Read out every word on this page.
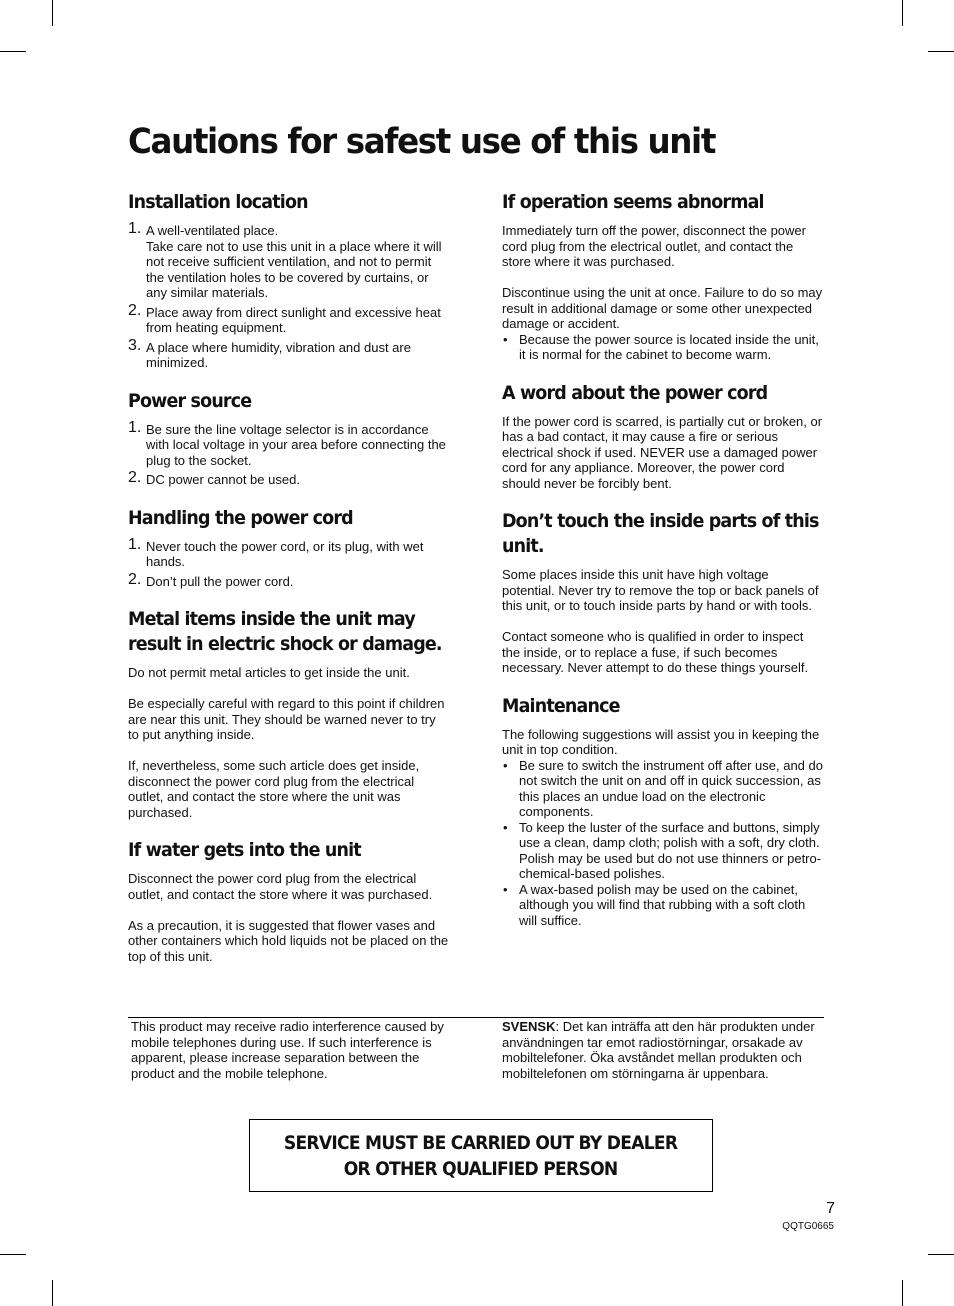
Cautions for safest use of this unit
Installation location
1. A well-ventilated place.
Take care not to use this unit in a place where it will not receive sufficient ventilation, and not to permit the ventilation holes to be covered by curtains, or any similar materials.
2. Place away from direct sunlight and excessive heat from heating equipment.
3. A place where humidity, vibration and dust are minimized.
Power source
1. Be sure the line voltage selector is in accordance with local voltage in your area before connecting the plug to the socket.
2. DC power cannot be used.
Handling the power cord
1. Never touch the power cord, or its plug, with wet hands.
2. Don’t pull the power cord.
Metal items inside the unit may result in electric shock or damage.

Do not permit metal articles to get inside the unit.

Be especially careful with regard to this point if children are near this unit. They should be warned never to try to put anything inside.

If, nevertheless, some such article does get inside, disconnect the power cord plug from the electrical outlet, and contact the store where the unit was purchased.

If water gets into the unit

Disconnect the power cord plug from the electrical outlet, and contact the store where it was purchased.

As a precaution, it is suggested that flower vases and other containers which hold liquids not be placed on the top of this unit.

If operation seems abnormal

Immediately turn off the power, disconnect the power cord plug from the electrical outlet, and contact the store where it was purchased.

Discontinue using the unit at once. Failure to do so may result in additional damage or some other unexpected damage or accident.

• Because the power source is located inside the unit, it is normal for the cabinet to become warm.
A word about the power cord

If the power cord is scarred, is partially cut or broken, or has a bad contact, it may cause a fire or serious electrical shock if used. NEVER use a damaged power cord for any appliance. Moreover, the power cord should never be forcibly bent.

Don’t touch the inside parts of this unit.

Some places inside this unit have high voltage potential. Never try to remove the top or back panels of this unit, or to touch inside parts by hand or with tools.

Contact someone who is qualified in order to inspect the inside, or to replace a fuse, if such becomes necessary. Never attempt to do these things yourself.

Maintenance

The following suggestions will assist you in keeping the unit in top condition.

• Be sure to switch the instrument off after use, and do not switch the unit on and off in quick succession, as this places an undue load on the electronic components.
• To keep the luster of the surface and buttons, simply use a clean, damp cloth; polish with a soft, dry cloth. Polish may be used but do not use thinners or petro-chemical-based polishes.
• A wax-based polish may be used on the cabinet, although you will find that rubbing with a soft cloth will suffice.

This product may receive radio interference caused by mobile telephones during use. If such interference is apparent, please increase separation between the product and the mobile telephone.

SVENSK: Det kan inträffa att den här produkten under användningen tar emot radiostörningar, orsakade av mobiltelefoner. Öka avståndet mellan produkten och mobiltelefonen om störningarna är uppenbara.

SERVICE MUST BE CARRIED OUT BY DEALER
OR OTHER QUALIFIED PERSON
7
QQTG0665
